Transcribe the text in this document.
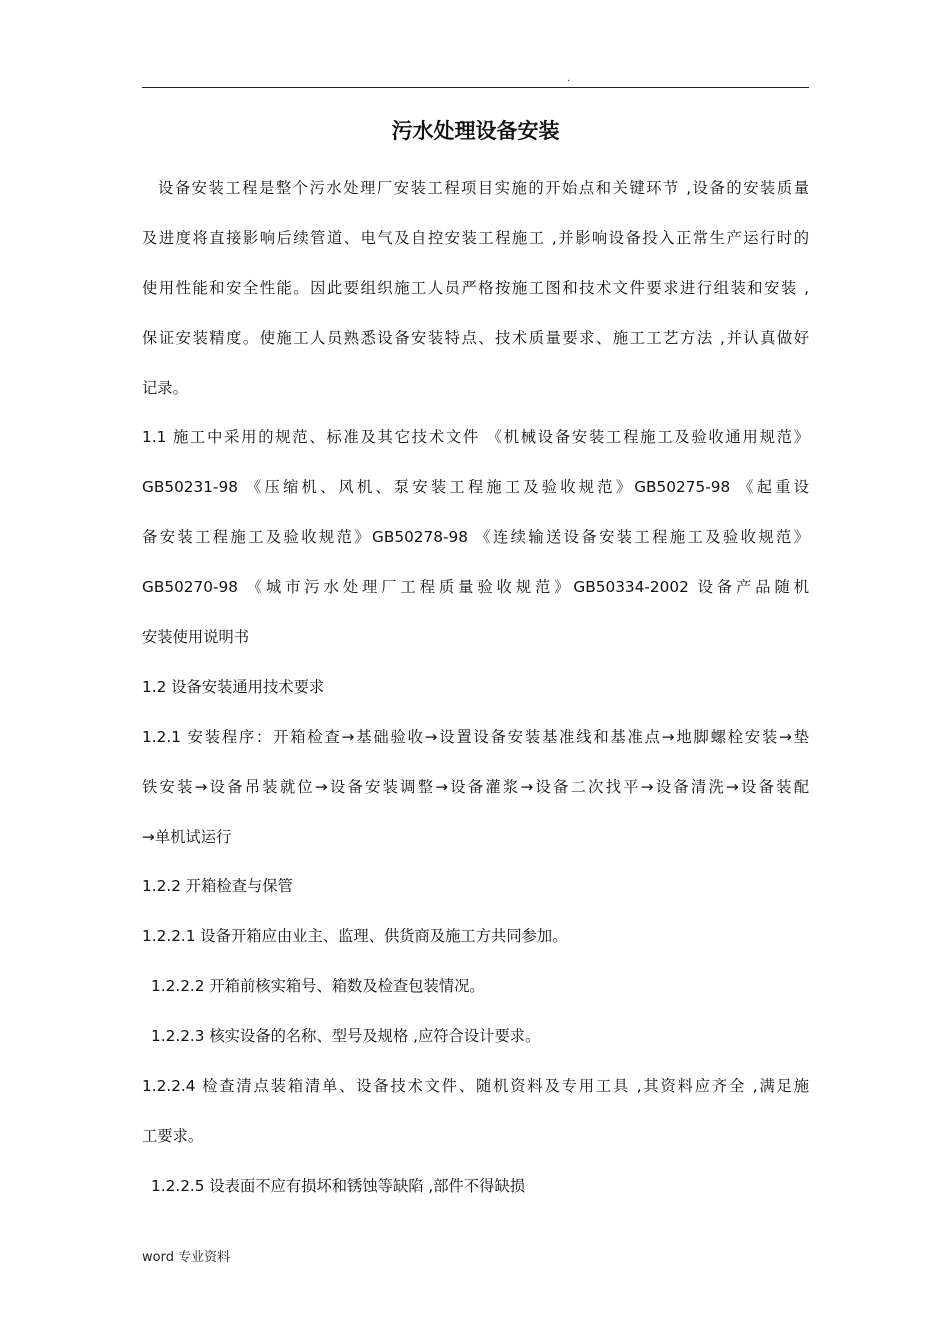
.
污水处理设备安装
设备安装工程是整个污水处理厂安装工程项目实施的开始点和关键环节 ,设备的安装质量
及进度将直接影响后续管道、电气及自控安装工程施工 ,并影响设备投入正常生产运行时的
使用性能和安全性能。因此要组织施工人员严格按施工图和技术文件要求进行组装和安装 ,
保证安装精度。使施工人员熟悉设备安装特点、技术质量要求、施工工艺方法 ,并认真做好
记录。
1.1 施工中采用的规范、标准及其它技术文件 《机械设备安装工程施工及验收通用规范》
GB50231-98 《压缩机、风机、泵安装工程施工及验收规范》GB50275-98 《起重设
备安装工程施工及验收规范》GB50278-98 《连续输送设备安装工程施工及验收规范》
GB50270-98 《城市污水处理厂工程质量验收规范》GB50334-2002 设备产品随机
安装使用说明书
1.2 设备安装通用技术要求
1.2.1 安装程序：开箱检查→基础验收→设置设备安装基准线和基准点→地脚螺栓安装→垫
铁安装→设备吊装就位→设备安装调整→设备灌浆→设备二次找平→设备清洗→设备装配
→单机试运行
1.2.2 开箱检查与保管
1.2.2.1 设备开箱应由业主、监理、供货商及施工方共同参加。
1.2.2.2 开箱前核实箱号、箱数及检查包装情况。
1.2.2.3 核实设备的名称、型号及规格 ,应符合设计要求。
1.2.2.4 检查清点装箱清单、设备技术文件、随机资料及专用工具 ,其资料应齐全 ,满足施
工要求。
1.2.2.5 设表面不应有损坏和锈蚀等缺陷 ,部件不得缺损
word 专业资料
